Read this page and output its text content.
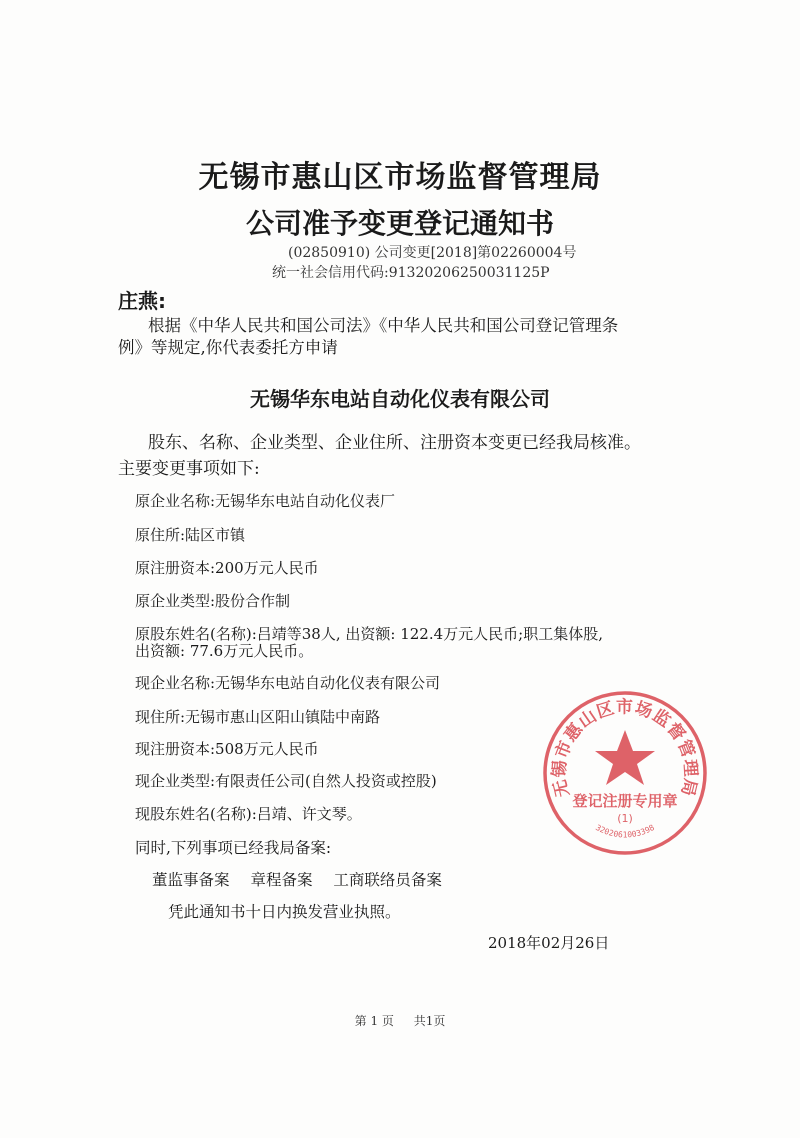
无锡市惠山区市场监督管理局
公司准予变更登记通知书
(02850910) 公司变更[2018]第02260004号
统一社会信用代码:91320206250031125P
庄燕:
根据《中华人民共和国公司法》《中华人民共和国公司登记管理条
例》等规定,你代表委托方申请
无锡华东电站自动化仪表有限公司
股东、名称、企业类型、企业住所、注册资本变更已经我局核准。
主要变更事项如下:
原企业名称:无锡华东电站自动化仪表厂
原住所:陆区市镇
原注册资本:200万元人民币
原企业类型:股份合作制
原股东姓名(名称):吕靖等38人, 出资额: 122.4万元人民币;职工集体股,
出资额: 77.6万元人民币。
现企业名称:无锡华东电站自动化仪表有限公司
现住所:无锡市惠山区阳山镇陆中南路
现注册资本:508万元人民币
现企业类型:有限责任公司(自然人投资或控股)
现股东姓名(名称):吕靖、许文琴。
同时,下列事项已经我局备案:
董监事备案 章程备案 工商联络员备案
凭此通知书十日内换发营业执照。
2018年02月26日
第 1 页 共1页
无锡市惠山区市场监督管理局
登记注册专用章
(1)
3202061003398
